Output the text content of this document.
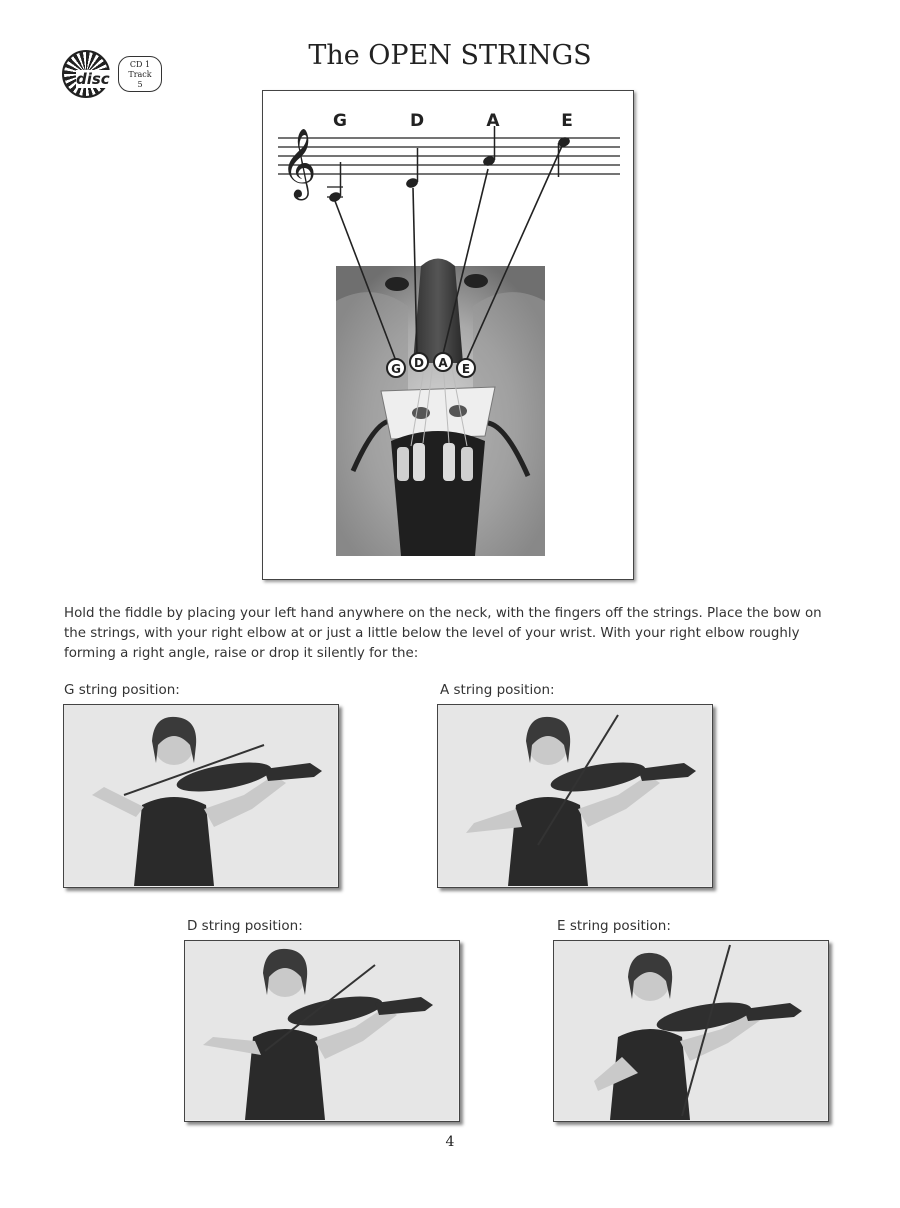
The OPEN STRINGS
disc
CD 1
Track
5
𝄞
G	D	A	E
G D A E
Hold the fiddle by placing your left hand anywhere on the neck, with the fingers off the strings. Place the bow on the strings, with your right elbow at or just a little below the level of your wrist. With your right elbow roughly forming a right angle, raise or drop it silently for the:
G string position:	A string position:
D string position:	E string position:
4
